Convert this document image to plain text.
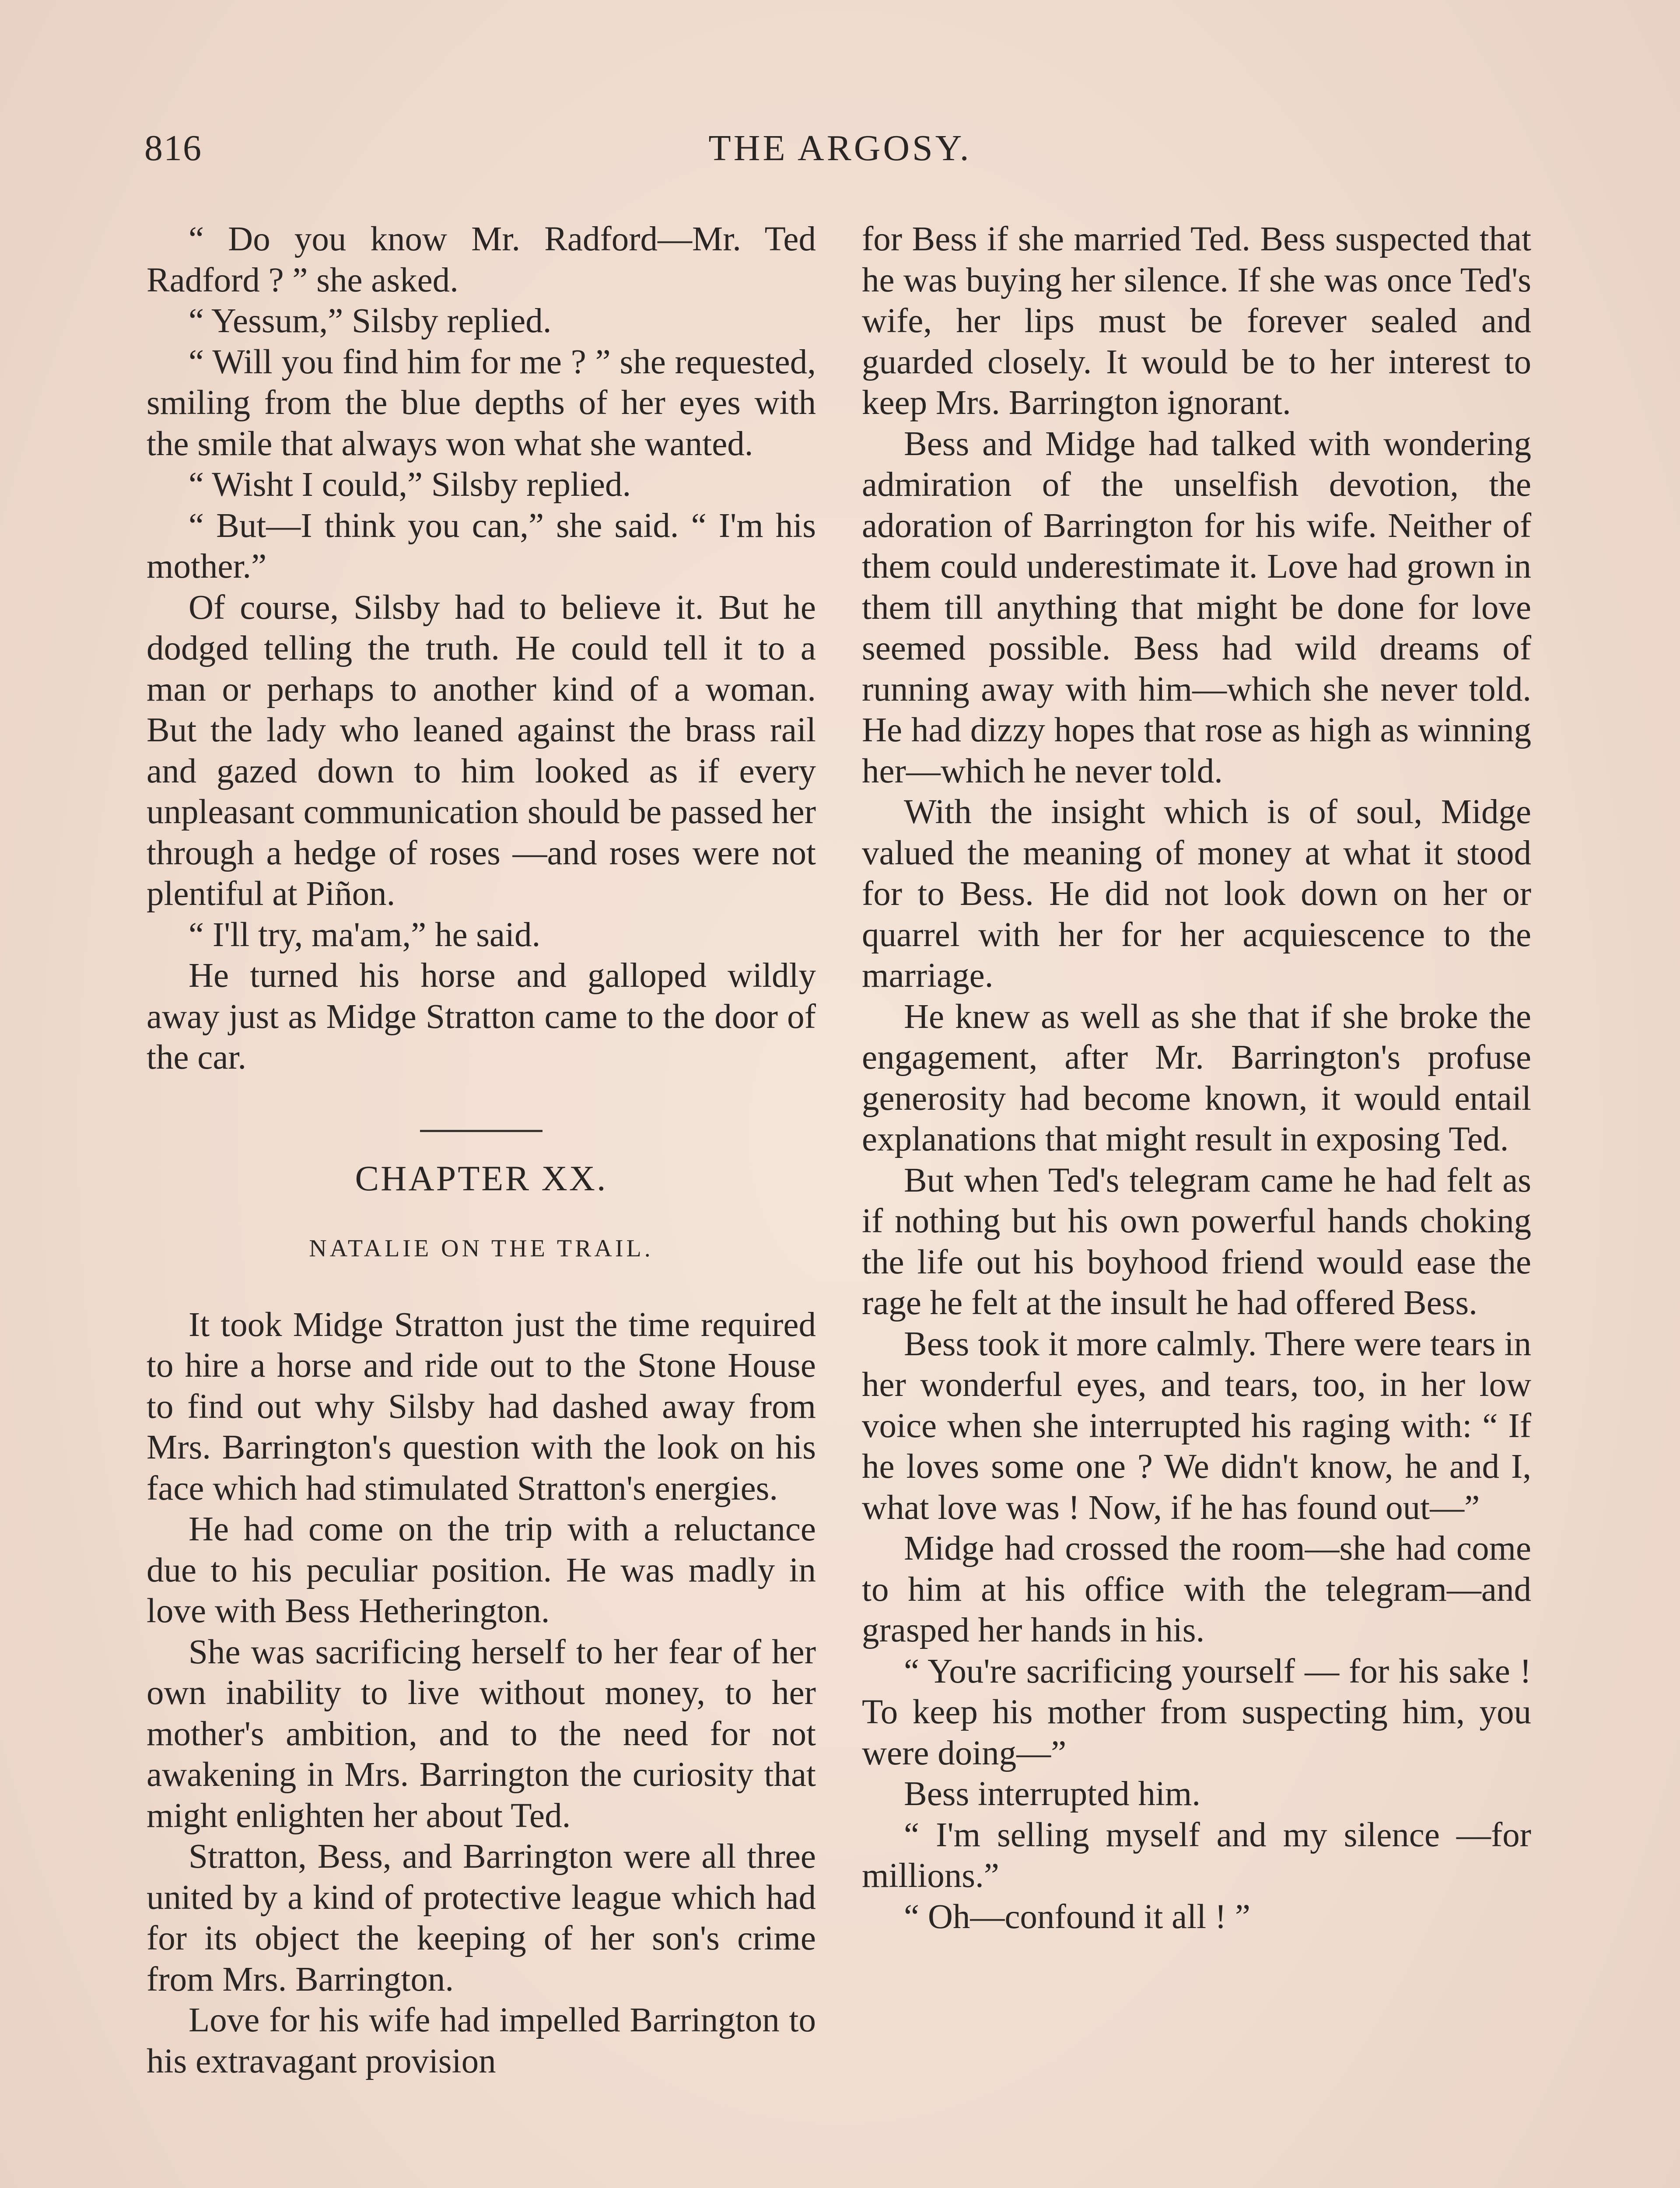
816	THE ARGOSY.

“ Do you know Mr. Radford—Mr. Ted Radford ? ” she asked.

“ Yessum,” Silsby replied.

“ Will you find him for me ? ” she requested, smiling from the blue depths of her eyes with the smile that always won what she wanted.

“ Wisht I could,” Silsby replied.

“ But—I think you can,” she said. “ I'm his mother.”

Of course, Silsby had to believe it. But he dodged telling the truth. He could tell it to a man or perhaps to another kind of a woman. But the lady who leaned against the brass rail and gazed down to him looked as if every unpleasant communication should be passed her through a hedge of roses —and roses were not plentiful at Piñon.

“ I'll try, ma'am,” he said.

He turned his horse and galloped wildly away just as Midge Stratton came to the door of the car.

CHAPTER XX.
NATALIE ON THE TRAIL.

It took Midge Stratton just the time required to hire a horse and ride out to the Stone House to find out why Silsby had dashed away from Mrs. Barrington's question with the look on his face which had stimulated Stratton's energies.

He had come on the trip with a reluctance due to his peculiar position. He was madly in love with Bess Hetherington.

She was sacrificing herself to her fear of her own inability to live without money, to her mother's ambition, and to the need for not awakening in Mrs. Barrington the curiosity that might enlighten her about Ted.

Stratton, Bess, and Barrington were all three united by a kind of protective league which had for its object the keeping of her son's crime from Mrs. Barrington.

Love for his wife had impelled Barrington to his extravagant provision

for Bess if she married Ted. Bess suspected that he was buying her silence. If she was once Ted's wife, her lips must be forever sealed and guarded closely. It would be to her interest to keep Mrs. Barrington ignorant.

Bess and Midge had talked with wondering admiration of the unselfish devotion, the adoration of Barrington for his wife. Neither of them could underestimate it. Love had grown in them till anything that might be done for love seemed possible. Bess had wild dreams of running away with him—which she never told. He had dizzy hopes that rose as high as winning her—which he never told.

With the insight which is of soul, Midge valued the meaning of money at what it stood for to Bess. He did not look down on her or quarrel with her for her acquiescence to the marriage.

He knew as well as she that if she broke the engagement, after Mr. Barrington's profuse generosity had become known, it would entail explanations that might result in exposing Ted.

But when Ted's telegram came he had felt as if nothing but his own powerful hands choking the life out his boyhood friend would ease the rage he felt at the insult he had offered Bess.

Bess took it more calmly. There were tears in her wonderful eyes, and tears, too, in her low voice when she interrupted his raging with: “ If he loves some one ? We didn't know, he and I, what love was ! Now, if he has found out—”

Midge had crossed the room—she had come to him at his office with the telegram—and grasped her hands in his.

“ You're sacrificing yourself — for his sake ! To keep his mother from suspecting him, you were doing—”

Bess interrupted him.

“ I'm selling myself and my silence —for millions.”

“ Oh—confound it all ! ”
